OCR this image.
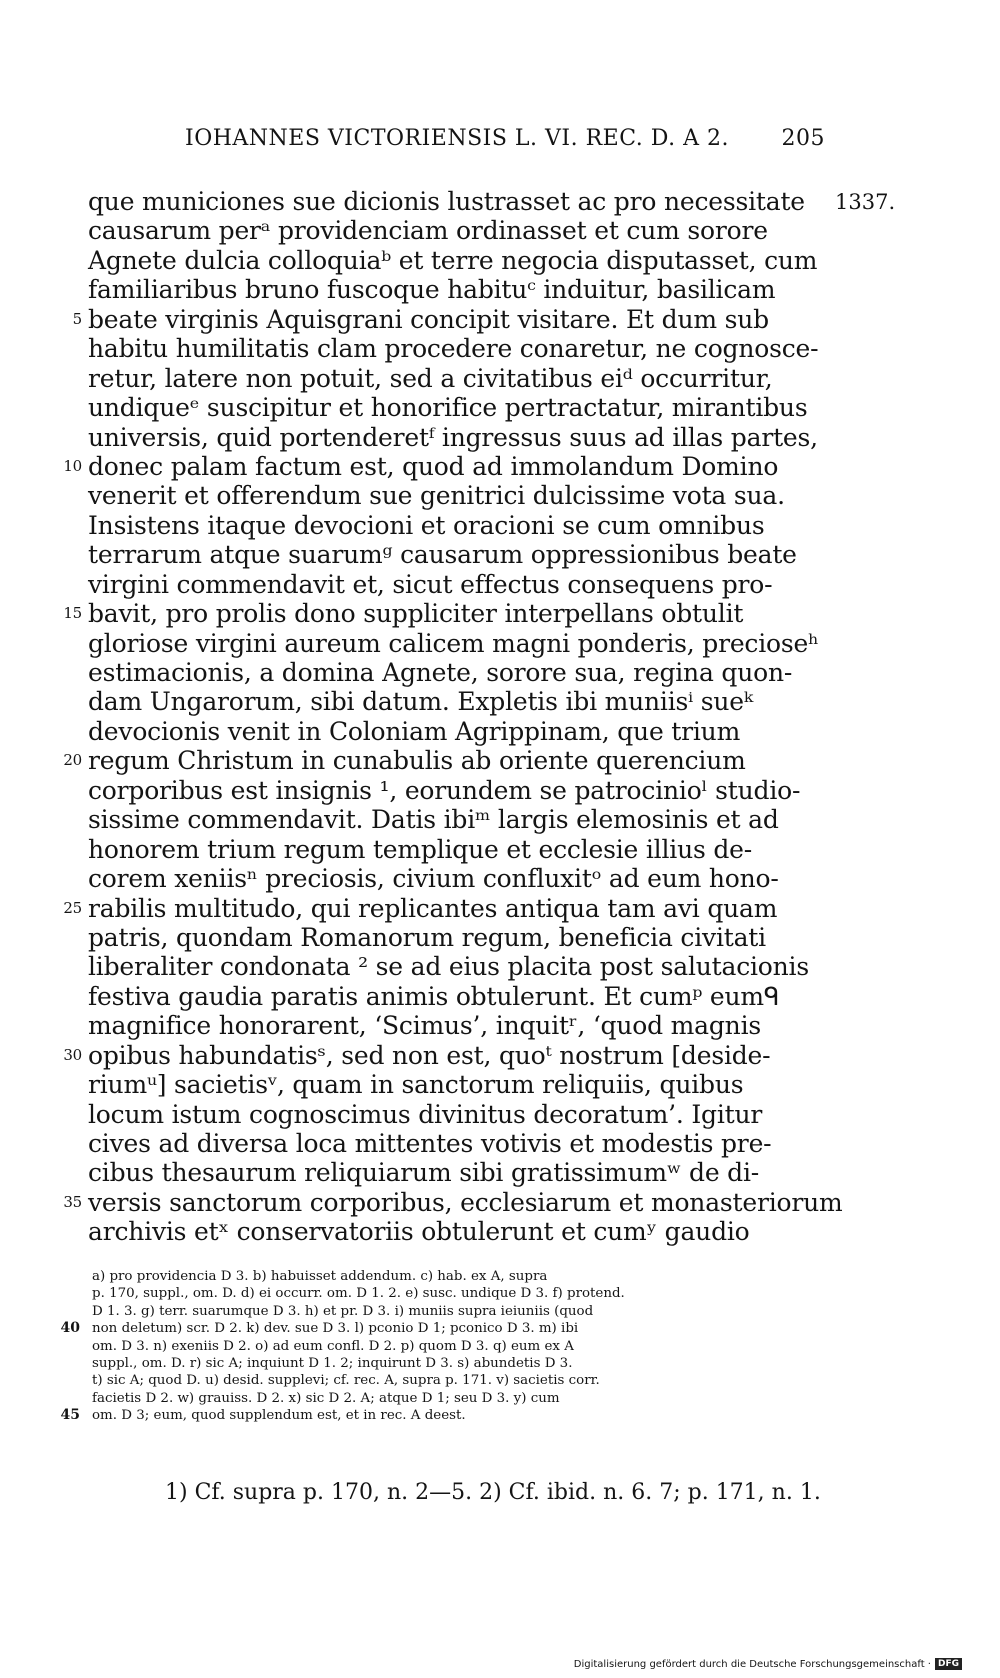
IOHANNES VICTORIENSIS L. VI. REC. D. A 2. 205
1337.
que municiones sue dicionis lustrasset ac pro necessitate
causarum perᵃ providenciam ordinasset et cum sorore
Agnete dulcia colloquiaᵇ et terre negocia disputasset, cum
familiaribus bruno fuscoque habituᶜ induitur, basilicam
5 beate virginis Aquisgrani concipit visitare. Et dum sub
habitu humilitatis clam procedere conaretur, ne cognosce-
retur, latere non potuit, sed a civitatibus eiᵈ occurritur,
undiqueᵉ suscipitur et honorifice pertractatur, mirantibus
universis, quid portenderetᶠ ingressus suus ad illas partes,
10 donec palam factum est, quod ad immolandum Domino
venerit et offerendum sue genitrici dulcissime vota sua.
Insistens itaque devocioni et oracioni se cum omnibus
terrarum atque suarumᵍ causarum oppressionibus beate
virgini commendavit et, sicut effectus consequens pro-
15 bavit, pro prolis dono suppliciter interpellans obtulit
gloriose virgini aureum calicem magni ponderis, precioseʰ
estimacionis, a domina Agnete, sorore sua, regina quon-
dam Ungarorum, sibi datum. Expletis ibi muniisⁱ sueᵏ
devocionis venit in Coloniam Agrippinam, que trium
20 regum Christum in cunabulis ab oriente querencium
corporibus est insignis ¹, eorundem se patrocinioˡ studio-
sissime commendavit. Datis ibiᵐ largis elemosinis et ad
honorem trium regum templique et ecclesie illius de-
corem xeniisⁿ preciosis, civium confluxitᵒ ad eum hono-
25 rabilis multitudo, qui replicantes antiqua tam avi quam
patris, quondam Romanorum regum, beneficia civitati
liberaliter condonata ² se ad eius placita post salutacionis
festiva gaudia paratis animis obtulerunt. Et cumᵖ eumᑫ
magnifice honorarent, ‘Scimus’, inquitʳ, ‘quod magnis
30 opibus habundatisˢ, sed non est, quoᵗ nostrum [deside-
riumᵘ] sacietisᵛ, quam in sanctorum reliquiis, quibus
locum istum cognoscimus divinitus decoratum’. Igitur
cives ad diversa loca mittentes votivis et modestis pre-
cibus thesaurum reliquiarum sibi gratissimumʷ de di-
35 versis sanctorum corporibus, ecclesiarum et monasteriorum
archivis etˣ conservatoriis obtulerunt et cumʸ gaudio
a) pro providencia D 3. b) habuisset addendum. c) hab. ex A, supra
p. 170, suppl., om. D. d) ei occurr. om. D 1. 2. e) susc. undique D 3. f) protend.
D 1. 3. g) terr. suarumque D 3. h) et pr. D 3. i) muniis supra ieiuniis (quod
40 non deletum) scr. D 2. k) dev. sue D 3. l) pconio D 1; pconico D 3. m) ibi
om. D 3. n) exeniis D 2. o) ad eum confl. D 2. p) quom D 3. q) eum ex A
suppl., om. D. r) sic A; inquiunt D 1. 2; inquirunt D 3. s) abundetis D 3.
t) sic A; quod D. u) desid. supplevi; cf. rec. A, supra p. 171. v) sacietis corr.
facietis D 2. w) grauiss. D 2. x) sic D 2. A; atque D 1; seu D 3. y) cum
45 om. D 3; eum, quod supplendum est, et in rec. A deest.
1) Cf. supra p. 170, n. 2—5. 2) Cf. ibid. n. 6. 7; p. 171, n. 1.
Digitalisierung gefördert durch die Deutsche Forschungsgemeinschaft · DFG
